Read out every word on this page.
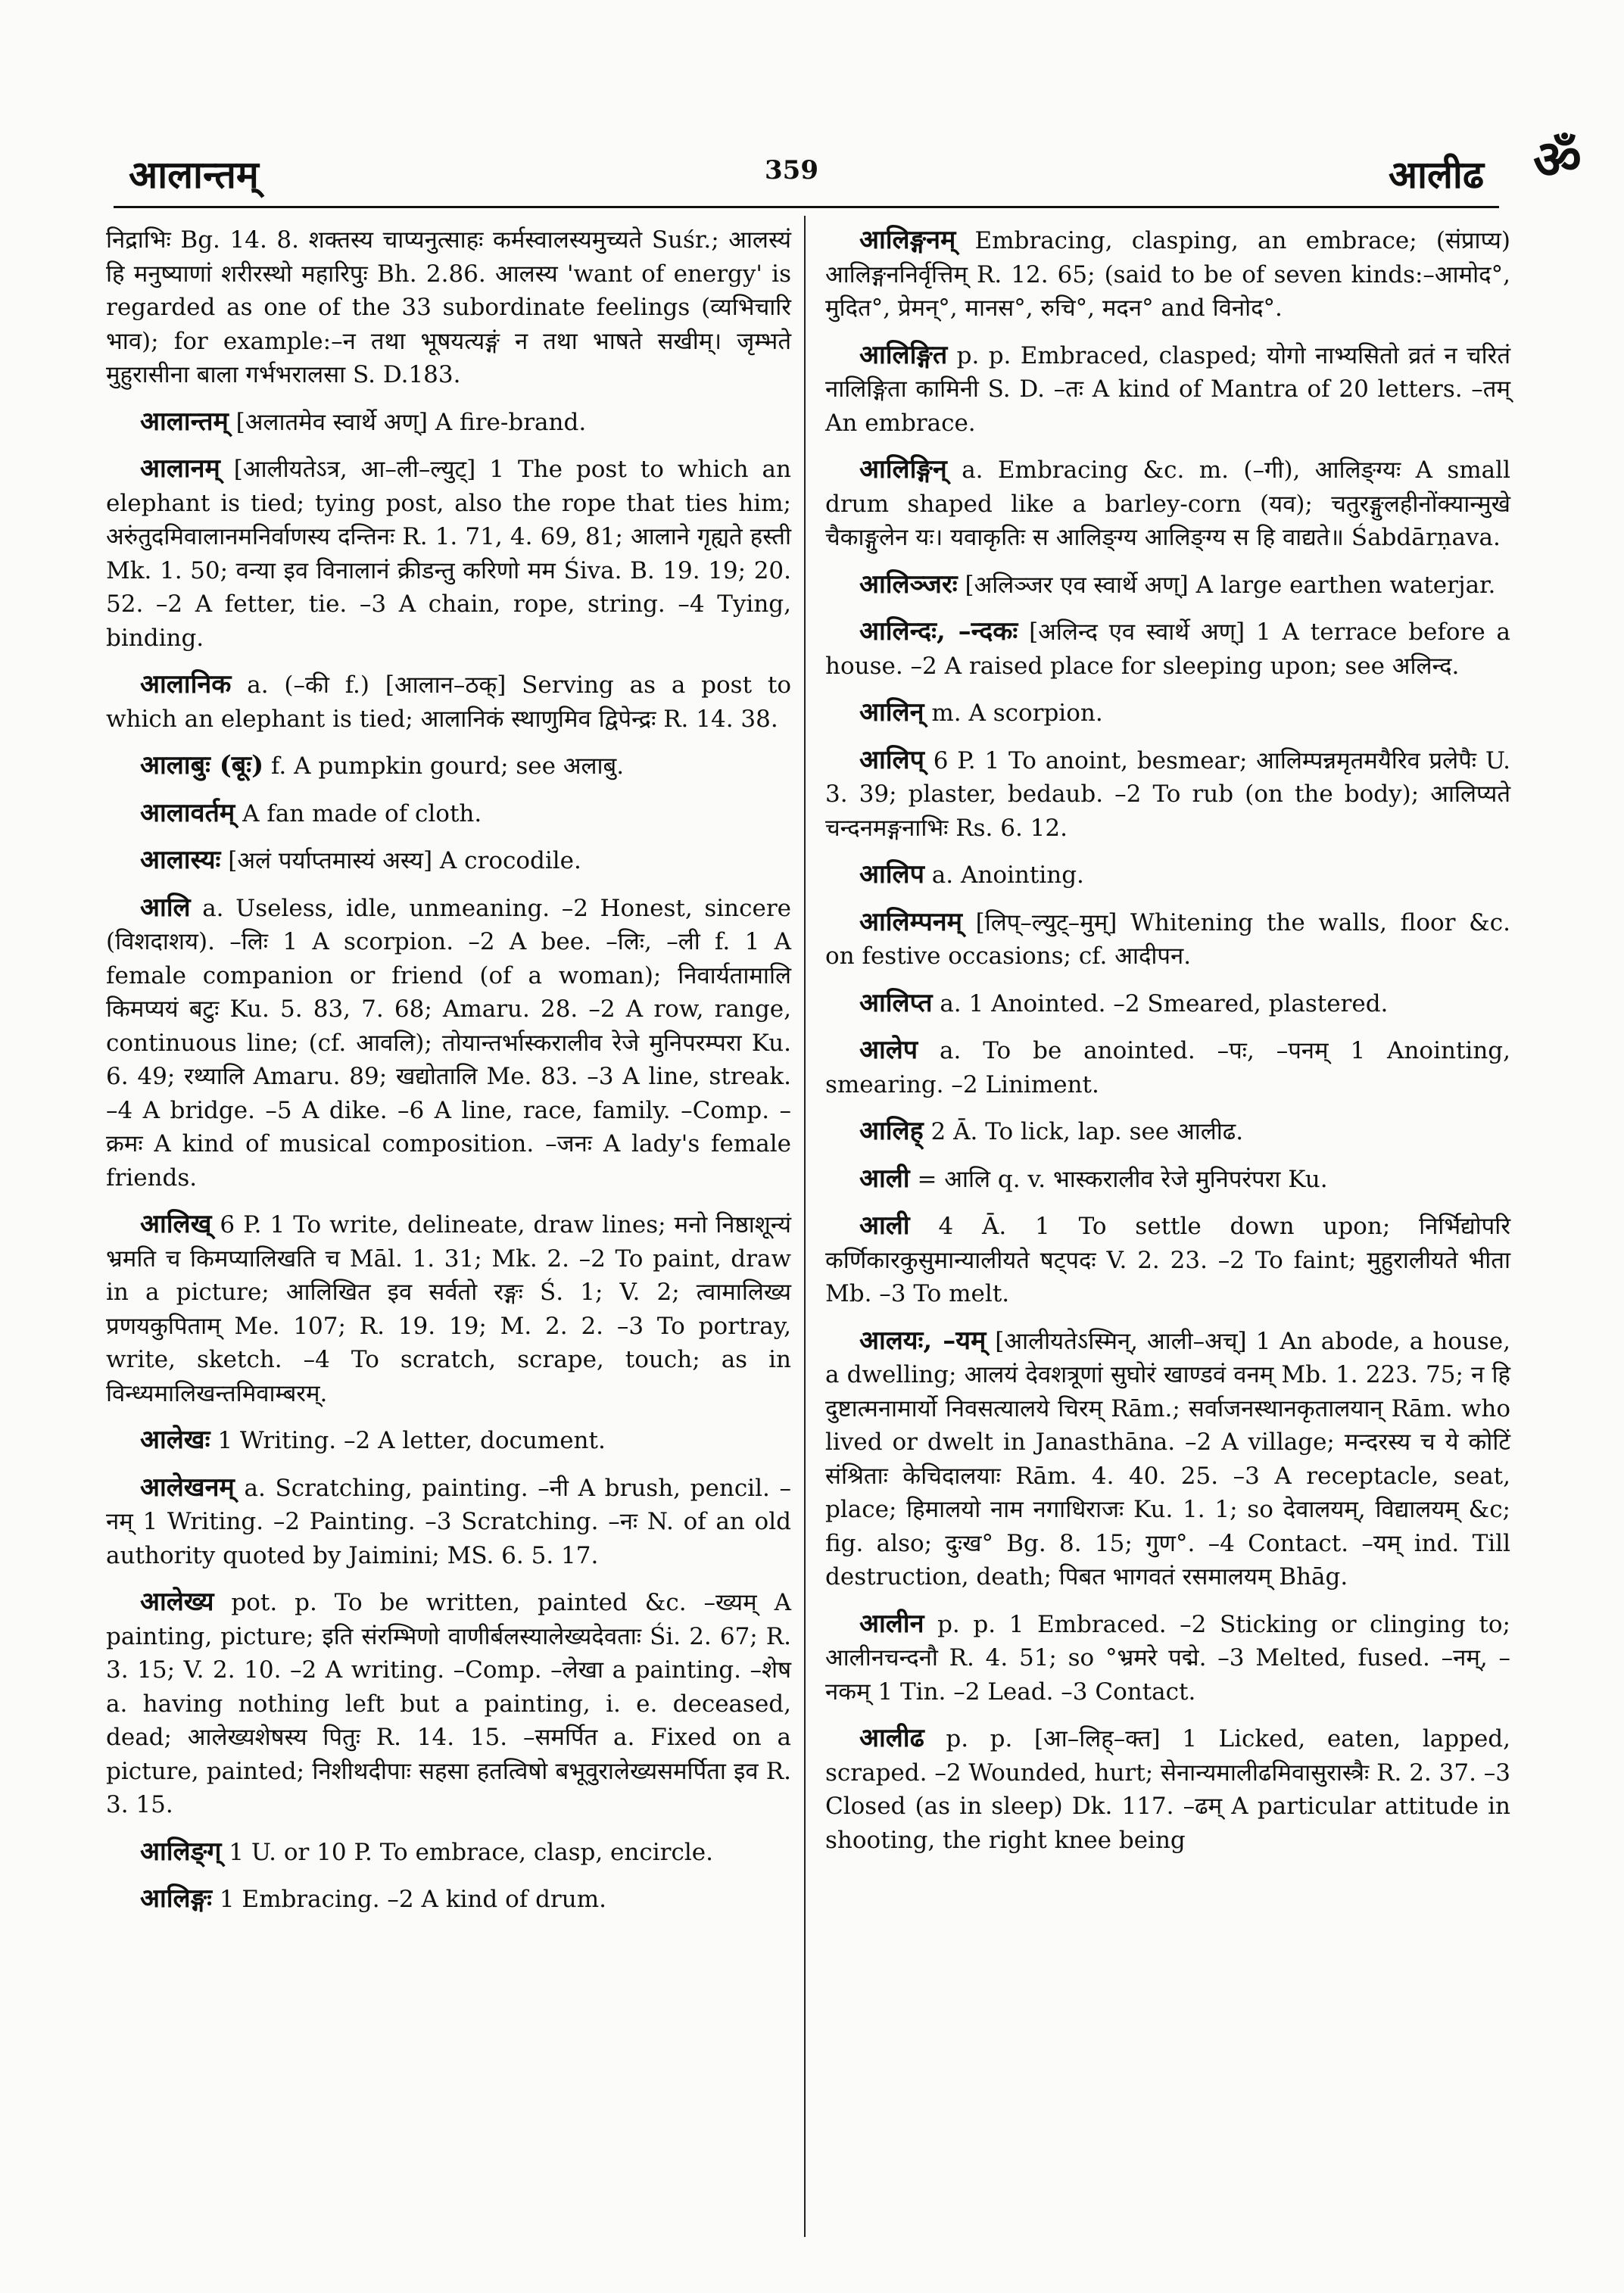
आलान्तम्	359	आलीढ ॐ

निद्राभिः Bg. 14. 8. शक्तस्य चाप्यनुत्साहः कर्मस्वालस्यमुच्यते Suśr.; आलस्यं हि मनुष्याणां शरीरस्थो महारिपुः Bh. 2.86. आलस्य 'want of energy' is regarded as one of the 33 subordinate feelings (व्यभिचारि भाव); for example:–न तथा भूषयत्यङ्गं न तथा भाषते सखीम्। जृम्भते मुहुरासीना बाला गर्भभरालसा S. D.183.

आलान्तम् [अलातमेव स्वार्थे अण्] A fire-brand.

आलानम् [आलीयतेऽत्र, आ–ली–ल्युट्] 1 The post to which an elephant is tied; tying post, also the rope that ties him; अरुंतुदमिवालानमनिर्वाणस्य दन्तिनः R. 1. 71, 4. 69, 81; आलाने गृह्यते हस्ती Mk. 1. 50; वन्या इव विनालानं क्रीडन्तु करिणो मम Śiva. B. 19. 19; 20. 52. –2 A fetter, tie. –3 A chain, rope, string. –4 Tying, binding.

आलानिक a. (–की f.) [आलान–ठक्] Serving as a post to which an elephant is tied; आलानिकं स्थाणुमिव द्विपेन्द्रः R. 14. 38.

आलाबुः (बूः) f. A pumpkin gourd; see अलाबु.

आलावर्तम् A fan made of cloth.

आलास्यः [अलं पर्याप्तमास्यं अस्य] A crocodile.

आलि a. Useless, idle, unmeaning. –2 Honest, sincere (विशदाशय). –लिः 1 A scorpion. –2 A bee. –लिः, –ली f. 1 A female companion or friend (of a woman); निवार्यतामालि किमप्ययं बटुः Ku. 5. 83, 7. 68; Amaru. 28. –2 A row, range, continuous line; (cf. आवलि); तोयान्तर्भास्करालीव रेजे मुनिपरम्परा Ku. 6. 49; रथ्यालि Amaru. 89; खद्योतालि Me. 83. –3 A line, streak. –4 A bridge. –5 A dike. –6 A line, race, family. –Comp. –क्रमः A kind of musical composition. –जनः A lady's female friends.

आलिख् 6 P. 1 To write, delineate, draw lines; मनो निष्ठाशून्यं भ्रमति च किमप्यालिखति च Māl. 1. 31; Mk. 2. –2 To paint, draw in a picture; आलिखित इव सर्वतो रङ्गः Ś. 1; V. 2; त्वामालिख्य प्रणयकुपिताम् Me. 107; R. 19. 19; M. 2. 2. –3 To portray, write, sketch. –4 To scratch, scrape, touch; as in विन्ध्यमालिखन्तमिवाम्बरम्.

आलेखः 1 Writing. –2 A letter, document.

आलेखनम् a. Scratching, painting. –नी A brush, pencil. –नम् 1 Writing. –2 Painting. –3 Scratching. –नः N. of an old authority quoted by Jaimini; MS. 6. 5. 17.

आलेख्य pot. p. To be written, painted &c. –ख्यम् A painting, picture; इति संरम्भिणो वाणीर्बलस्यालेख्यदेवताः Śi. 2. 67; R. 3. 15; V. 2. 10. –2 A writing. –Comp. –लेखा a painting. –शेष a. having nothing left but a painting, i. e. deceased, dead; आलेख्यशेषस्य पितुः R. 14. 15. –समर्पित a. Fixed on a picture, painted; निशीथदीपाः सहसा हतत्विषो बभूवुरालेख्यसमर्पिता इव R. 3. 15.

आलिङ्ग् 1 U. or 10 P. To embrace, clasp, encircle.

आलिङ्गः 1 Embracing. –2 A kind of drum.

आलिङ्गनम् Embracing, clasping, an embrace; (संप्राप्य) आलिङ्गननिर्वृत्तिम् R. 12. 65; (said to be of seven kinds:–आमोद°, मुदित°, प्रेमन्°, मानस°, रुचि°, मदन° and विनोद°.

आलिङ्गित p. p. Embraced, clasped; योगो नाभ्यसितो व्रतं न चरितं नालिङ्गिता कामिनी S. D. –तः A kind of Mantra of 20 letters. –तम् An embrace.

आलिङ्गिन् a. Embracing &c. m. (–गी), आलिङ्ग्यः A small drum shaped like a barley-corn (यव); चतुरङ्गुलहीनोंक्यान्मुखे चैकाङ्गुलेन यः। यवाकृतिः स आलिङ्ग्य आलिङ्ग्य स हि वाद्यते॥ Śabdārṇava.

आलिञ्जरः [अलिञ्जर एव स्वार्थे अण्] A large earthen waterjar.

आलिन्दः, –न्दकः [अलिन्द एव स्वार्थे अण्] 1 A terrace before a house. –2 A raised place for sleeping upon; see अलिन्द.

आलिन् m. A scorpion.

आलिप् 6 P. 1 To anoint, besmear; आलिम्पन्नमृतमयैरिव प्रलेपैः U. 3. 39; plaster, bedaub. –2 To rub (on the body); आलिप्यते चन्दनमङ्गनाभिः Rs. 6. 12.

आलिप a. Anointing.

आलिम्पनम् [लिप्–ल्युट्–मुम्] Whitening the walls, floor &c. on festive occasions; cf. आदीपन.

आलिप्त a. 1 Anointed. –2 Smeared, plastered.

आलेप a. To be anointed. –पः, –पनम् 1 Anointing, smearing. –2 Liniment.

आलिह् 2 Ā. To lick, lap. see आलीढ.

आली = आलि q. v. भास्करालीव रेजे मुनिपरंपरा Ku.

आली 4 Ā. 1 To settle down upon; निर्भिद्योपरि कर्णिकारकुसुमान्यालीयते षट्पदः V. 2. 23. –2 To faint; मुहुरालीयते भीता Mb. –3 To melt.

आलयः, –यम् [आलीयतेऽस्मिन्, आली–अच्] 1 An abode, a house, a dwelling; आलयं देवशत्रूणां सुघोरं खाण्डवं वनम् Mb. 1. 223. 75; न हि दुष्टात्मनामार्यो निवसत्यालये चिरम् Rām.; सर्वाजनस्थानकृतालयान् Rām. who lived or dwelt in Janasthāna. –2 A village; मन्दरस्य च ये कोटिं संश्रिताः केचिदालयाः Rām. 4. 40. 25. –3 A receptacle, seat, place; हिमालयो नाम नगाधिराजः Ku. 1. 1; so देवालयम्, विद्यालयम् &c; fig. also; दुःख° Bg. 8. 15; गुण°. –4 Contact. –यम् ind. Till destruction, death; पिबत भागवतं रसमालयम् Bhāg.

आलीन p. p. 1 Embraced. –2 Sticking or clinging to; आलीनचन्दनौ R. 4. 51; so °भ्रमरे पद्मे. –3 Melted, fused. –नम्, –नकम् 1 Tin. –2 Lead. –3 Contact.

आलीढ p. p. [आ–लिह्–क्त] 1 Licked, eaten, lapped, scraped. –2 Wounded, hurt; सेनान्यमालीढमिवासुरास्त्रैः R. 2. 37. –3 Closed (as in sleep) Dk. 117. –ढम् A particular attitude in shooting, the right knee being
